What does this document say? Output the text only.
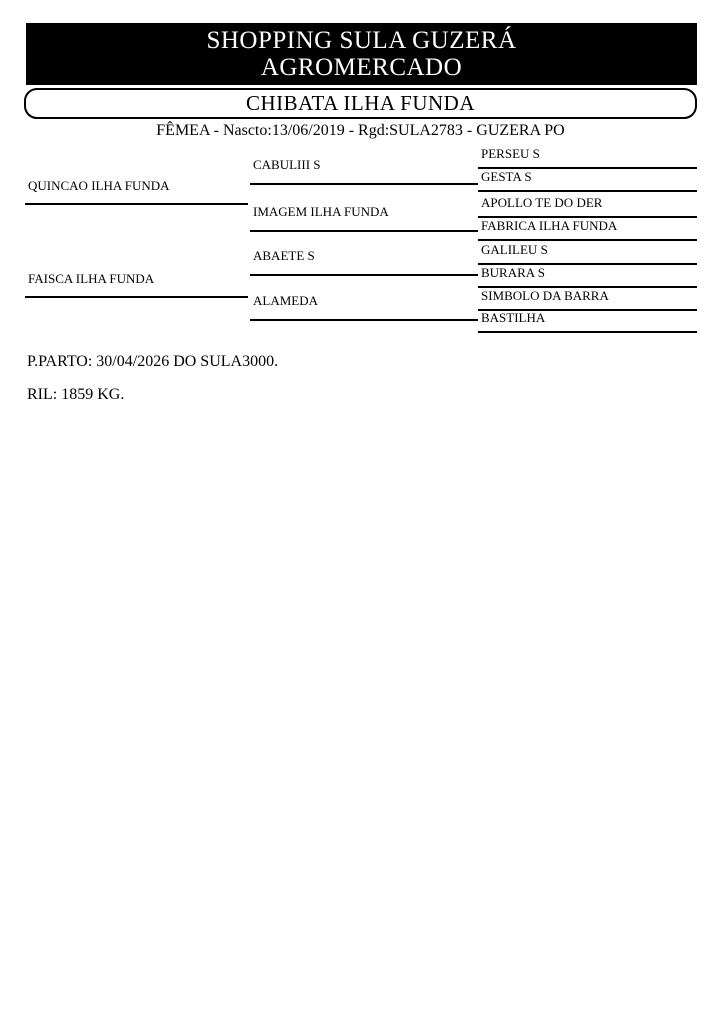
SHOPPING SULA GUZERÁ
AGROMERCADO
CHIBATA ILHA FUNDA
FÊMEA - Nascto:13/06/2019 - Rgd:SULA2783 - GUZERA PO
QUINCAO ILHA FUNDA
FAISCA ILHA FUNDA
CABULIII S
IMAGEM ILHA FUNDA
ABAETE S
ALAMEDA
PERSEU S
GESTA S
APOLLO TE DO DER
FABRICA ILHA FUNDA
GALILEU S
BURARA S
SIMBOLO DA BARRA
BASTILHA
P.PARTO: 30/04/2026 DO SULA3000.
RIL: 1859 KG.
